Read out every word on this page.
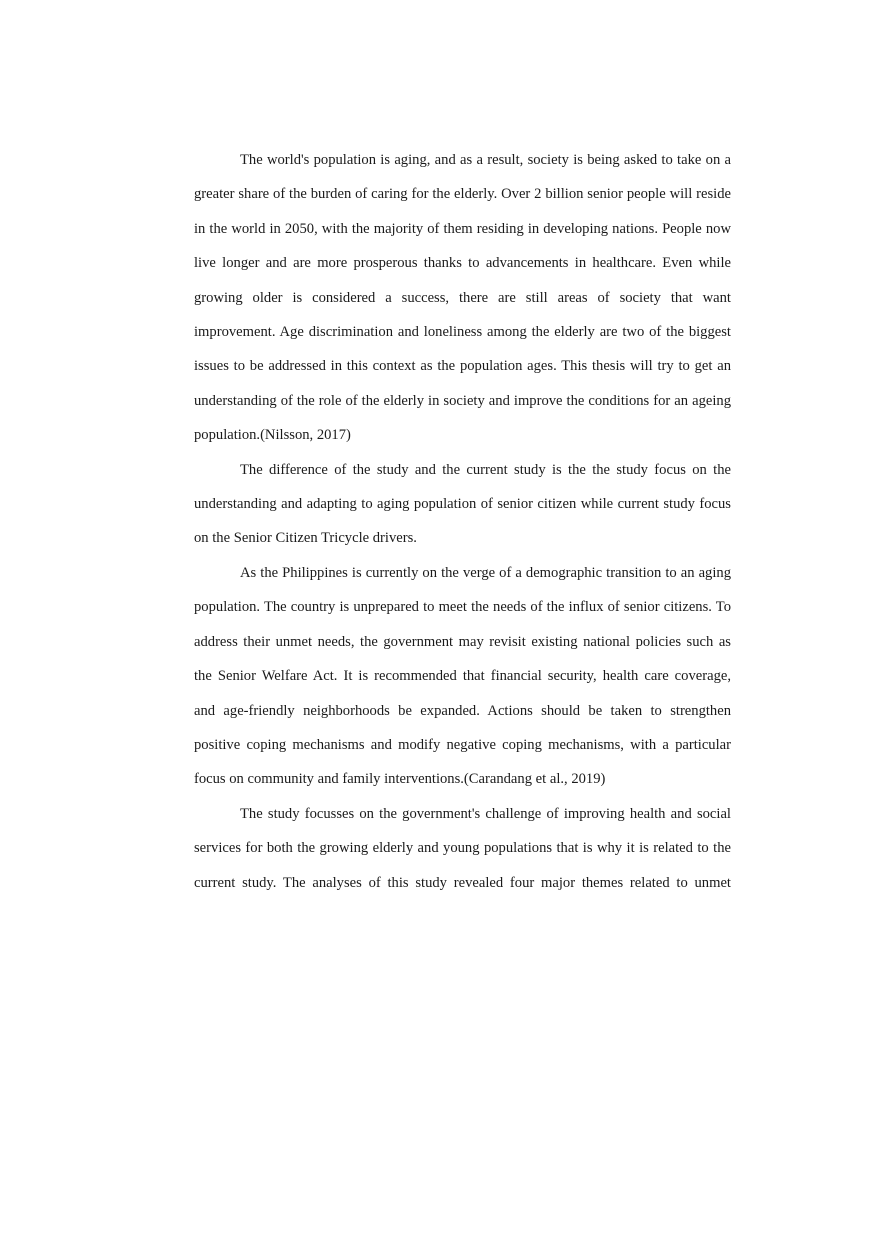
The world's population is aging, and as a result, society is being asked to take on a
greater share of the burden of caring for the elderly. Over 2 billion senior people will reside
in the world in 2050, with the majority of them residing in developing nations. People now
live longer and are more prosperous thanks to advancements in healthcare. Even while
growing older is considered a success, there are still areas of society that want
improvement. Age discrimination and loneliness among the elderly are two of the biggest
issues to be addressed in this context as the population ages. This thesis will try to get an
understanding of the role of the elderly in society and improve the conditions for an ageing
population.(Nilsson, 2017)

The difference of the study and the current study is the the study focus on the
understanding and adapting to aging population of senior citizen while current study focus
on the Senior Citizen Tricycle drivers.

As the Philippines is currently on the verge of a demographic transition to an aging
population. The country is unprepared to meet the needs of the influx of senior citizens. To
address their unmet needs, the government may revisit existing national policies such as
the Senior Welfare Act. It is recommended that financial security, health care coverage,
and age-friendly neighborhoods be expanded. Actions should be taken to strengthen
positive coping mechanisms and modify negative coping mechanisms, with a particular
focus on community and family interventions.(Carandang et al., 2019)

The study focusses on the government's challenge of improving health and social
services for both the growing elderly and young populations that is why it is related to the
current study. The analyses of this study revealed four major themes related to unmet
